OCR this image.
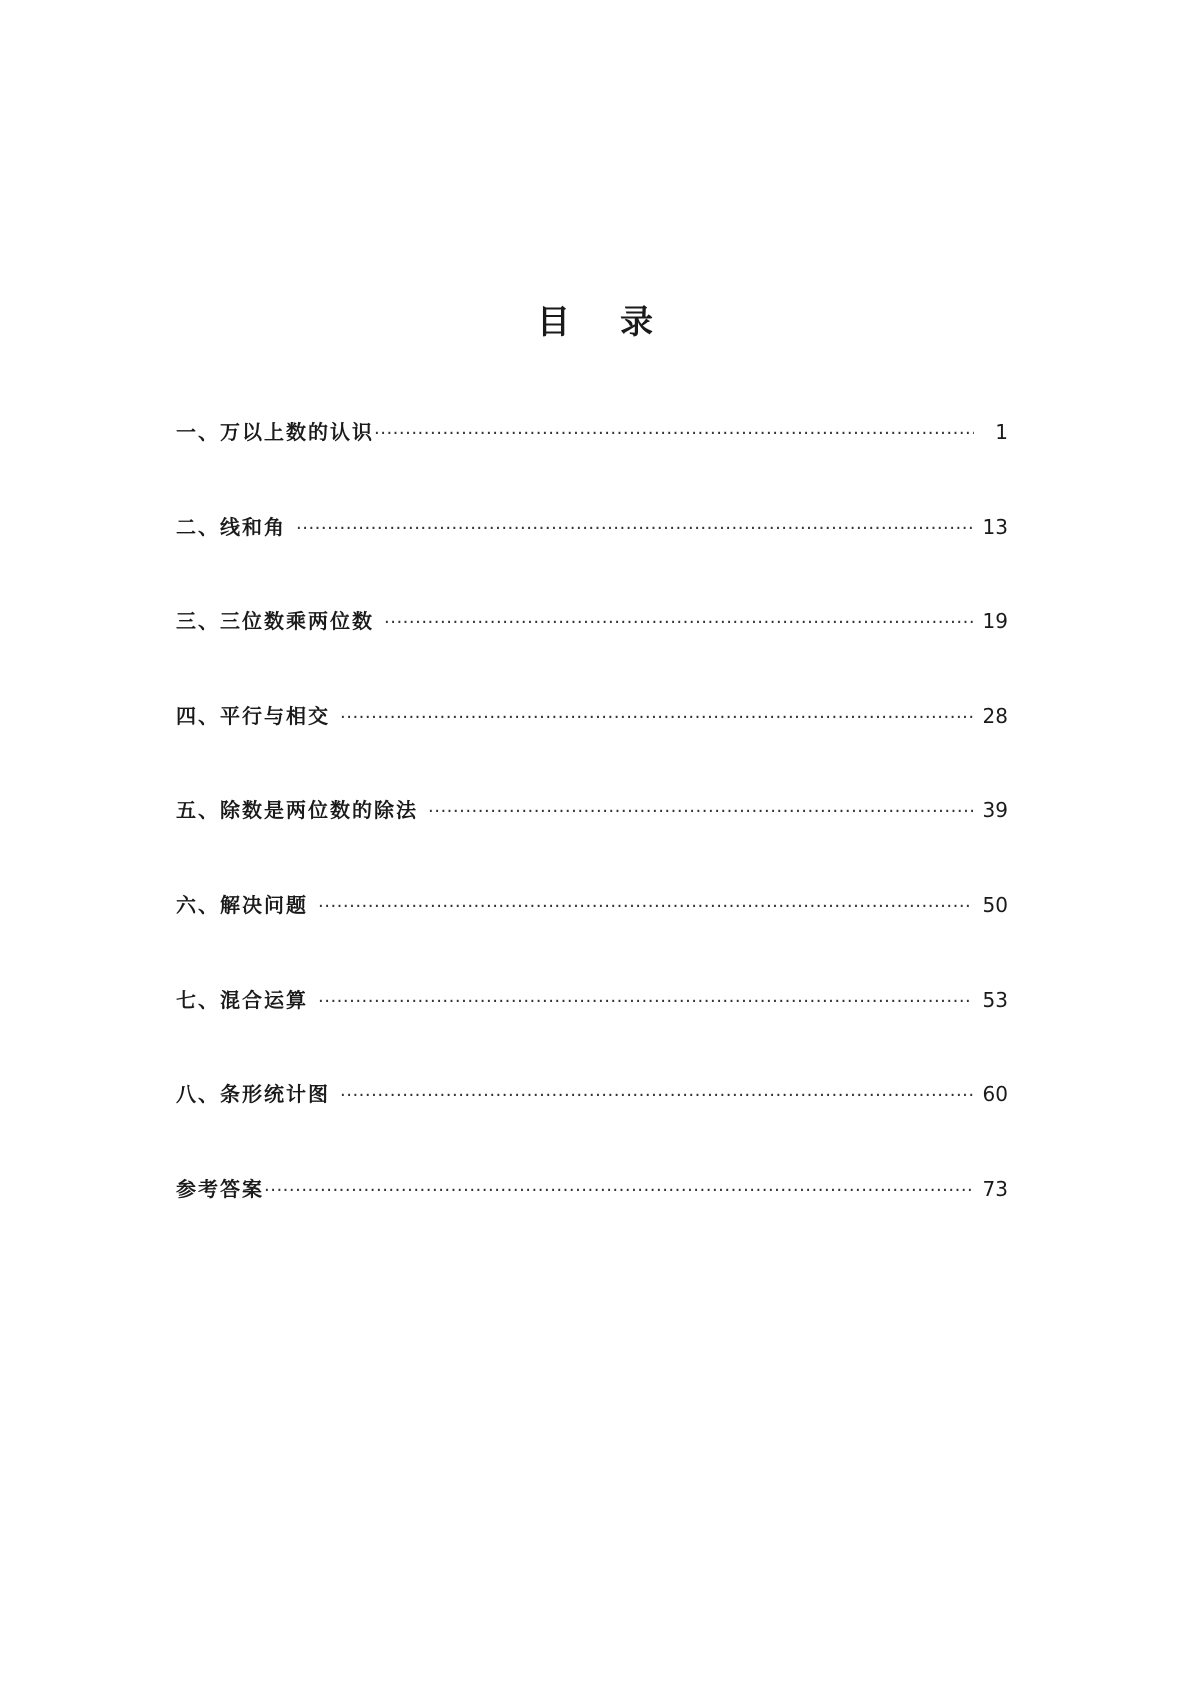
目 录
一、万以上数的认识 ·····	1
二、线和角 ·····	13
三、三位数乘两位数 ·····	19
四、平行与相交 ·····	28
五、除数是两位数的除法 ·····	39
六、解决问题 ·····	50
七、混合运算 ·····	53
八、条形统计图 ·····	60
参考答案 ·····	73
